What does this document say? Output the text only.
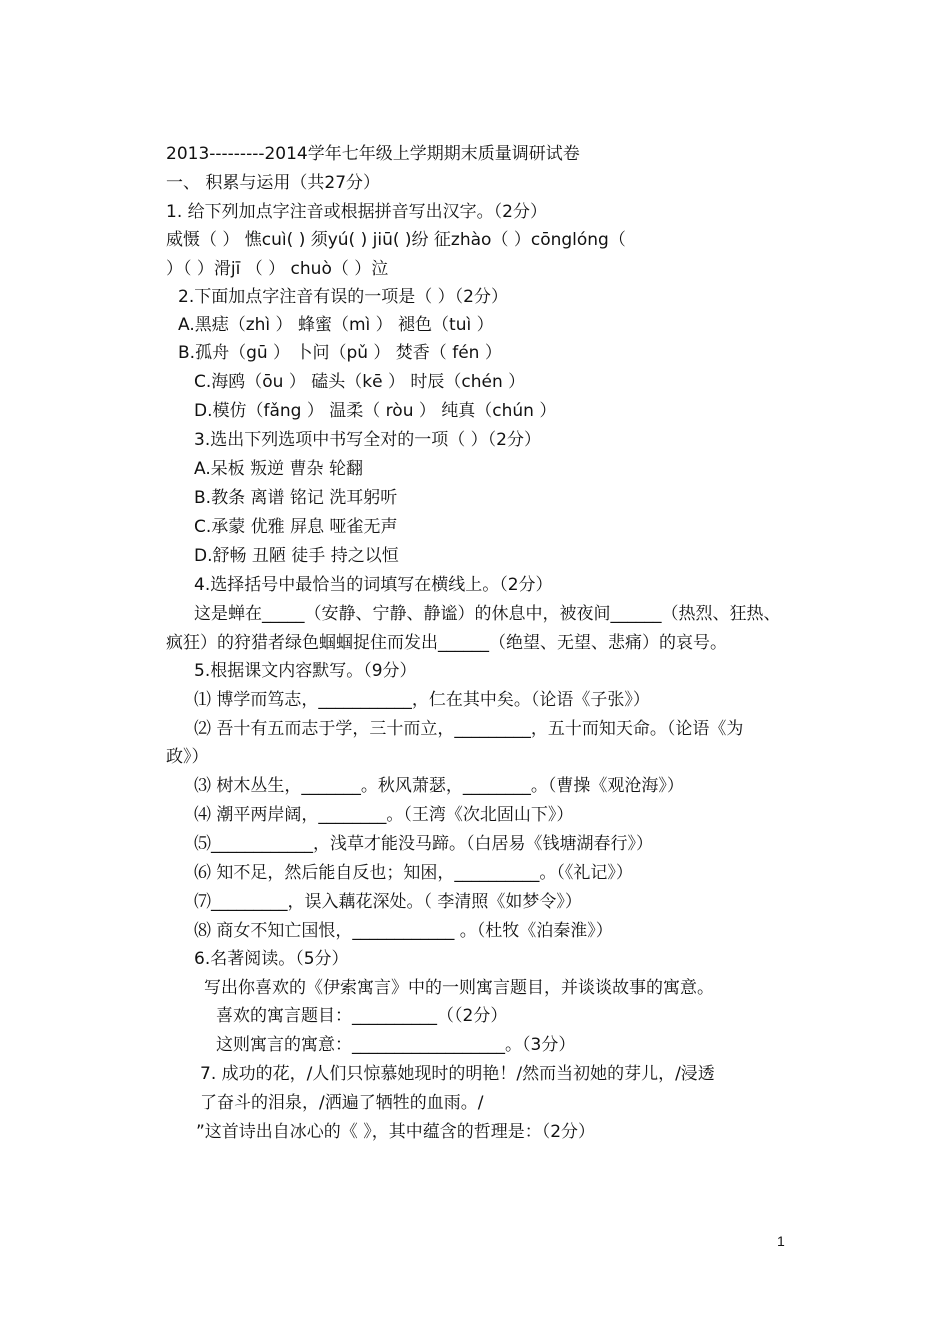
2013---------2014学年七年级上学期期末质量调研试卷
一、 积累与运用（共27分）
1. 给下列加点字注音或根据拼音写出汉字。（2分）
威慑（ ） 憔cuì( ) 须yú( ) jiū( )纷 征zhào（ ）cōnglóng（
）（ ）滑jī （ ） chuò（ ）泣
2.下面加点字注音有误的一项是（ ）（2分）
A.黑痣（zhì ） 蜂蜜（mì ） 褪色（tuì ）
B.孤舟（gū ） 卜问（pǔ ） 焚香（ fén ）
C.海鸥（ōu ） 磕头（kē ） 时辰（chén ）
D.模仿（fǎng ） 温柔（ ròu ） 纯真（chún ）
3.选出下列选项中书写全对的一项（ ）（2分）
A.呆板 叛逆 曹杂 轮翻
B.教条 离谱 铭记 洗耳躬听
C.承蒙 优雅 屏息 哑雀无声
D.舒畅 丑陋 徒手 持之以恒
4.选择括号中最恰当的词填写在横线上。（2分）
这是蝉在_____（安静、宁静、静谧）的休息中，被夜间______（热烈、狂热、
疯狂）的狩猎者绿色蝈蝈捉住而发出______（绝望、无望、悲痛）的哀号。
5.根据课文内容默写。（9分）
⑴ 博学而笃志，___________，仁在其中矣。（论语《子张》）
⑵ 吾十有五而志于学，三十而立，_________，五十而知天命。（论语《为
政》）
⑶ 树木丛生，_______。秋风萧瑟，________。（曹操《观沧海》）
⑷ 潮平两岸阔，________。（王湾《次北固山下》）
⑸____________，浅草才能没马蹄。（白居易《钱塘湖春行》）
⑹ 知不足，然后能自反也；知困，__________。（《礼记》）
⑺_________，误入藕花深处。（ 李清照《如梦令》）
⑻ 商女不知亡国恨，____________ 。（杜牧《泊秦淮》）
6.名著阅读。（5分）
写出你喜欢的《伊索寓言》中的一则寓言题目，并谈谈故事的寓意。
喜欢的寓言题目：__________（（2分）
这则寓言的寓意：__________________。（3分）
7. 成功的花，/人们只惊慕她现时的明艳！/然而当初她的芽儿，/浸透
了奋斗的泪泉，/洒遍了牺牲的血雨。/
”这首诗出自冰心的《 》，其中蕴含的哲理是：（2分）
1
